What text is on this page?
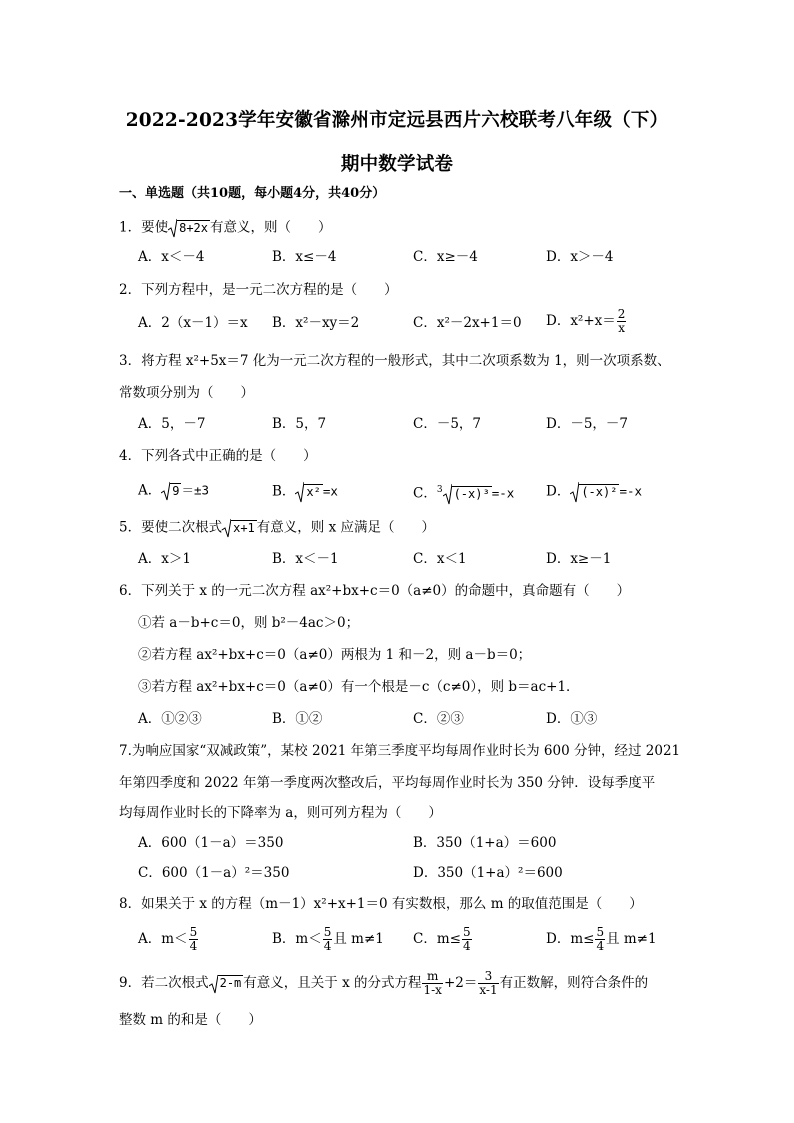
2022-2023学年安徽省滁州市定远县西片六校联考八年级（下）
期中数学试卷
一、单选题（共10题，每小题4分，共40分）
1．要使 8+2x 有意义，则（　　）
A．x＜－4	B．x≤－4	C．x≥－4	D．x＞－4
2．下列方程中，是一元二次方程的是（　　）
A．2（x－1）＝x B．x²－xy＝2	C．x²－2x+1＝0 D．$x^2+x= \frac{2}{x}$
3．将方程 x²+5x＝7 化为一元二次方程的一般形式，其中二次项系数为 1，则一次项系数、
常数项分别为（　　）
A．5，－7	B．5，7	C．－5，7	D．－5，－7
4．下列各式中正确的是（　　）
A． 9 ＝±3	B． x² =x	C．$^3$ (-x)³ =-x D． (-x)² =-x
5．要使二次根式 x+1 有意义，则 x 应满足（　　）
A．x＞1	B．x＜－1	C．x＜1	D．x≥－1
6．下列关于 x 的一元二次方程 ax²+bx+c＝0（a≠0）的命题中，真命题有（　　）
①若 a－b+c＝0，则 b²－4ac＞0；
②若方程 ax²+bx+c＝0（a≠0）两根为 1 和－2，则 a－b＝0；
③若方程 ax²+bx+c＝0（a≠0）有一个根是－c（c≠0），则 b＝ac+1．
A．①②③	B．①②	C．②③	D．①③
7.为响应国家“双减政策”，某校 2021 年第三季度平均每周作业时长为 600 分钟，经过 2021
年第四季度和 2022 年第一季度两次整改后，平均每周作业时长为 350 分钟．设每季度平
均每周作业时长的下降率为 a，则可列方程为（　　）
A．600（1－a）＝350	B．350（1+a）＝600
C．600（1－a）²＝350	D．350（1+a）²＝600
8．如果关于 x 的方程（m－1）x²+x+1＝0 有实数根，那么 m 的取值范围是（　　）
A．$m< \frac{5}{4}$	B．$m< \frac{5}{4}$ 且 m≠1 C．$m\le \frac{5}{4}$	D．$m\le \frac{5}{4}$ 且 m≠1
9．若二次根式 2-m 有意义，且关于 x 的分式方程 $\frac{m}{1-x} +2= \frac{3}{x-1}$ 有正数解，则符合条件的
整数 m 的和是（　　）
